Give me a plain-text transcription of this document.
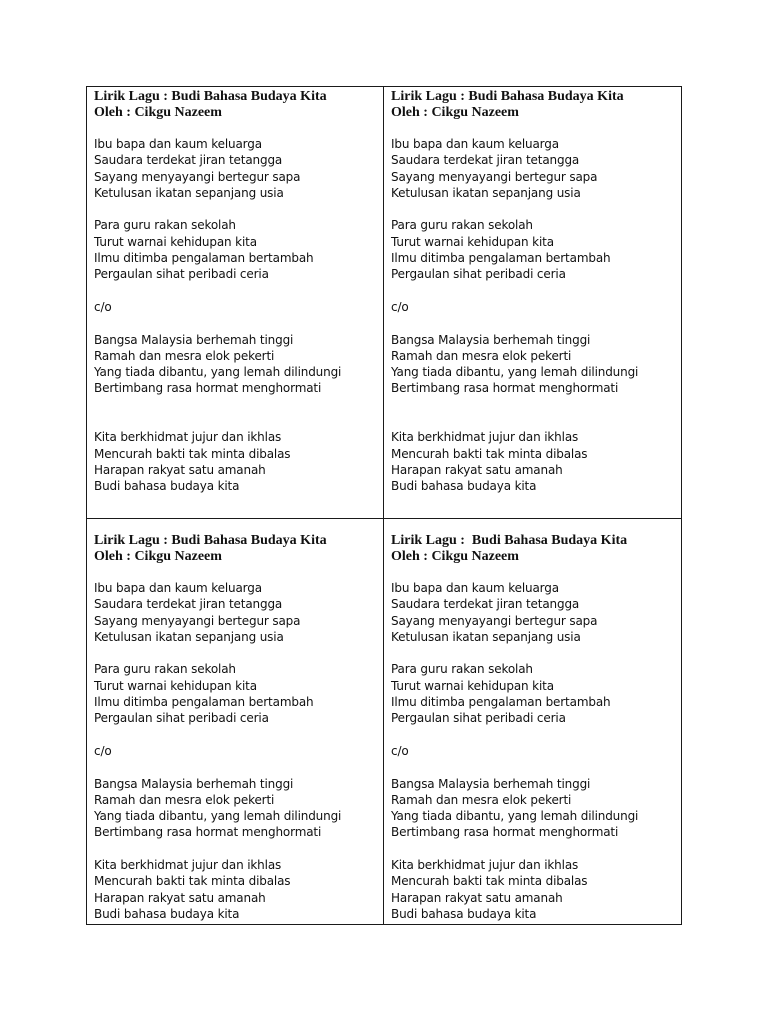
Lirik Lagu : Budi Bahasa Budaya Kita
Oleh : Cikgu Nazeem
Ibu bapa dan kaum keluarga
Saudara terdekat jiran tetangga
Sayang menyayangi bertegur sapa
Ketulusan ikatan sepanjang usia
Para guru rakan sekolah
Turut warnai kehidupan kita
Ilmu ditimba pengalaman bertambah
Pergaulan sihat peribadi ceria
c/o
Bangsa Malaysia berhemah tinggi
Ramah dan mesra elok pekerti
Yang tiada dibantu, yang lemah dilindungi
Bertimbang rasa hormat menghormati
Kita berkhidmat jujur dan ikhlas
Mencurah bakti tak minta dibalas
Harapan rakyat satu amanah
Budi bahasa budaya kita
Lirik Lagu : Budi Bahasa Budaya Kita
Oleh : Cikgu Nazeem
Ibu bapa dan kaum keluarga
Saudara terdekat jiran tetangga
Sayang menyayangi bertegur sapa
Ketulusan ikatan sepanjang usia
Para guru rakan sekolah
Turut warnai kehidupan kita
Ilmu ditimba pengalaman bertambah
Pergaulan sihat peribadi ceria
c/o
Bangsa Malaysia berhemah tinggi
Ramah dan mesra elok pekerti
Yang tiada dibantu, yang lemah dilindungi
Bertimbang rasa hormat menghormati
Kita berkhidmat jujur dan ikhlas
Mencurah bakti tak minta dibalas
Harapan rakyat satu amanah
Budi bahasa budaya kita
Lirik Lagu : Budi Bahasa Budaya Kita
Oleh : Cikgu Nazeem
Ibu bapa dan kaum keluarga
Saudara terdekat jiran tetangga
Sayang menyayangi bertegur sapa
Ketulusan ikatan sepanjang usia
Para guru rakan sekolah
Turut warnai kehidupan kita
Ilmu ditimba pengalaman bertambah
Pergaulan sihat peribadi ceria
c/o
Bangsa Malaysia berhemah tinggi
Ramah dan mesra elok pekerti
Yang tiada dibantu, yang lemah dilindungi
Bertimbang rasa hormat menghormati
Kita berkhidmat jujur dan ikhlas
Mencurah bakti tak minta dibalas
Harapan rakyat satu amanah
Budi bahasa budaya kita
Lirik Lagu :  Budi Bahasa Budaya Kita
Oleh : Cikgu Nazeem
Ibu bapa dan kaum keluarga
Saudara terdekat jiran tetangga
Sayang menyayangi bertegur sapa
Ketulusan ikatan sepanjang usia
Para guru rakan sekolah
Turut warnai kehidupan kita
Ilmu ditimba pengalaman bertambah
Pergaulan sihat peribadi ceria
c/o
Bangsa Malaysia berhemah tinggi
Ramah dan mesra elok pekerti
Yang tiada dibantu, yang lemah dilindungi
Bertimbang rasa hormat menghormati
Kita berkhidmat jujur dan ikhlas
Mencurah bakti tak minta dibalas
Harapan rakyat satu amanah
Budi bahasa budaya kita
